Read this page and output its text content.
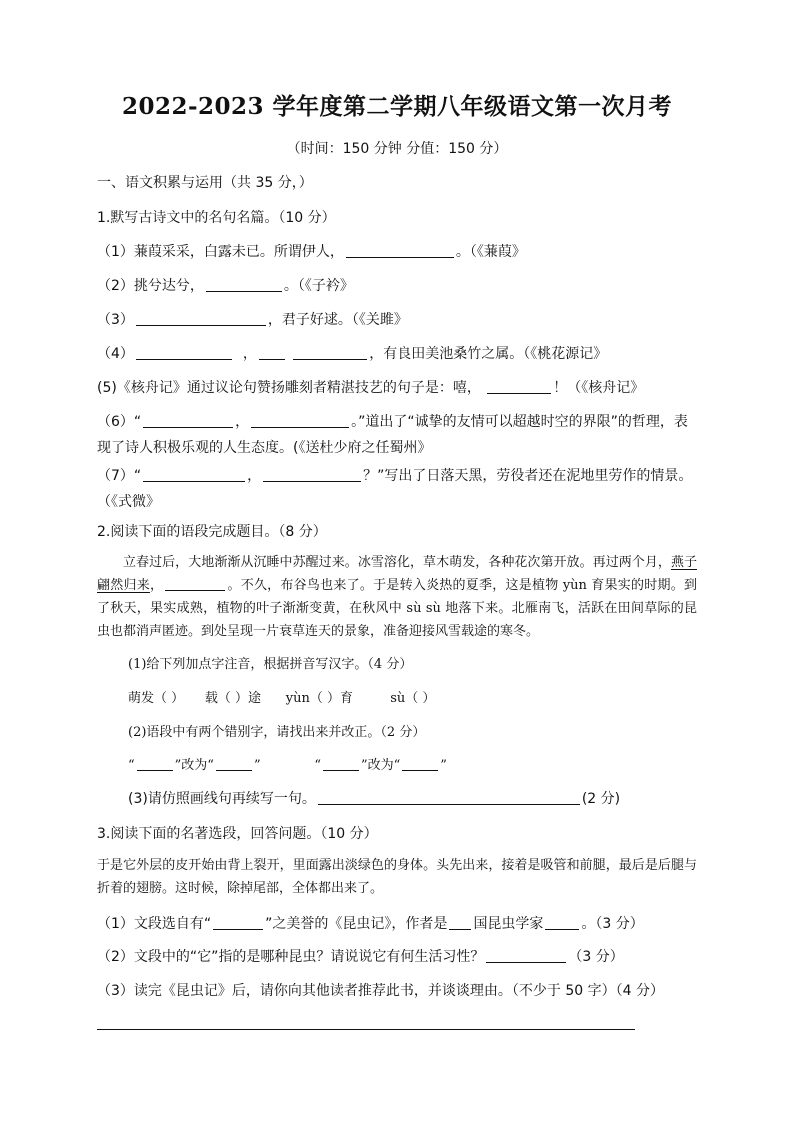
2022-2023 学年度第二学期八年级语文第一次月考
（时间：150 分钟 分值：150 分）
一、语文积累与运用（共 35 分，）
1.默写古诗文中的名句名篇。（10 分）
（1）蒹葭采采，白露未已。所谓伊人，	。（《蒹葭》
（2）挑兮达兮，	。（《子衿》
（3）	，君子好逑。（《关雎》
（4）	，	，有良田美池桑竹之属。（《桃花源记》
(5)《核舟记》通过议论句赞扬雕刻者精湛技艺的句子是：嘻，	！（《核舟记》
（6）“	，	。”道出了“诚挚的友情可以超越时空的界限”的哲理，表现了诗人积极乐观的人生态度。(《送杜少府之任蜀州》
（7）“	，	？”写出了日落天黑，劳役者还在泥地里劳作的情景。（《式微》
2.阅读下面的语段完成题目。（8 分）
立春过后，大地渐渐从沉睡中苏醒过来。冰雪溶化，草木萌发，各种花次第开放。再过两个月，燕子翩然归来，	。不久，布谷鸟也来了。于是转入炎热的夏季，这是植物 yùn 育果实的时期。到了秋天，果实成熟，植物的叶子渐渐变黄，在秋风中 sù sù 地落下来。北雁南飞，活跃在田间草际的昆虫也都消声匿迹。到处呈现一片衰草连天的景象，准备迎接风雪载途的寒冬。
(1)给下列加点字注音，根据拼音写汉字。（4 分）
萌发（ ） 载（ ）途 yùn（ ）育	sù（ ）
(2)语段中有两个错别字，请找出来并改正。（2 分）
“	”改为“	”	“	”改为“	”
(3)请仿照画线句再续写一句。	(2 分)
3.阅读下面的名著选段，回答问题。（10 分）
于是它外层的皮开始由背上裂开，里面露出淡绿色的身体。头先出来，接着是吸管和前腿，最后是后腿与折着的翅膀。这时候，除掉尾部，全体都出来了。
（1）文段选自有“	”之美誉的《昆虫记》，作者是 国昆虫学家	。（3 分）
（2）文段中的“它”指的是哪种昆虫？请说说它有何生活习性？	（3 分）
（3）读完《昆虫记》后，请你向其他读者推荐此书，并谈谈理由。（不少于 50 字）（4 分）
